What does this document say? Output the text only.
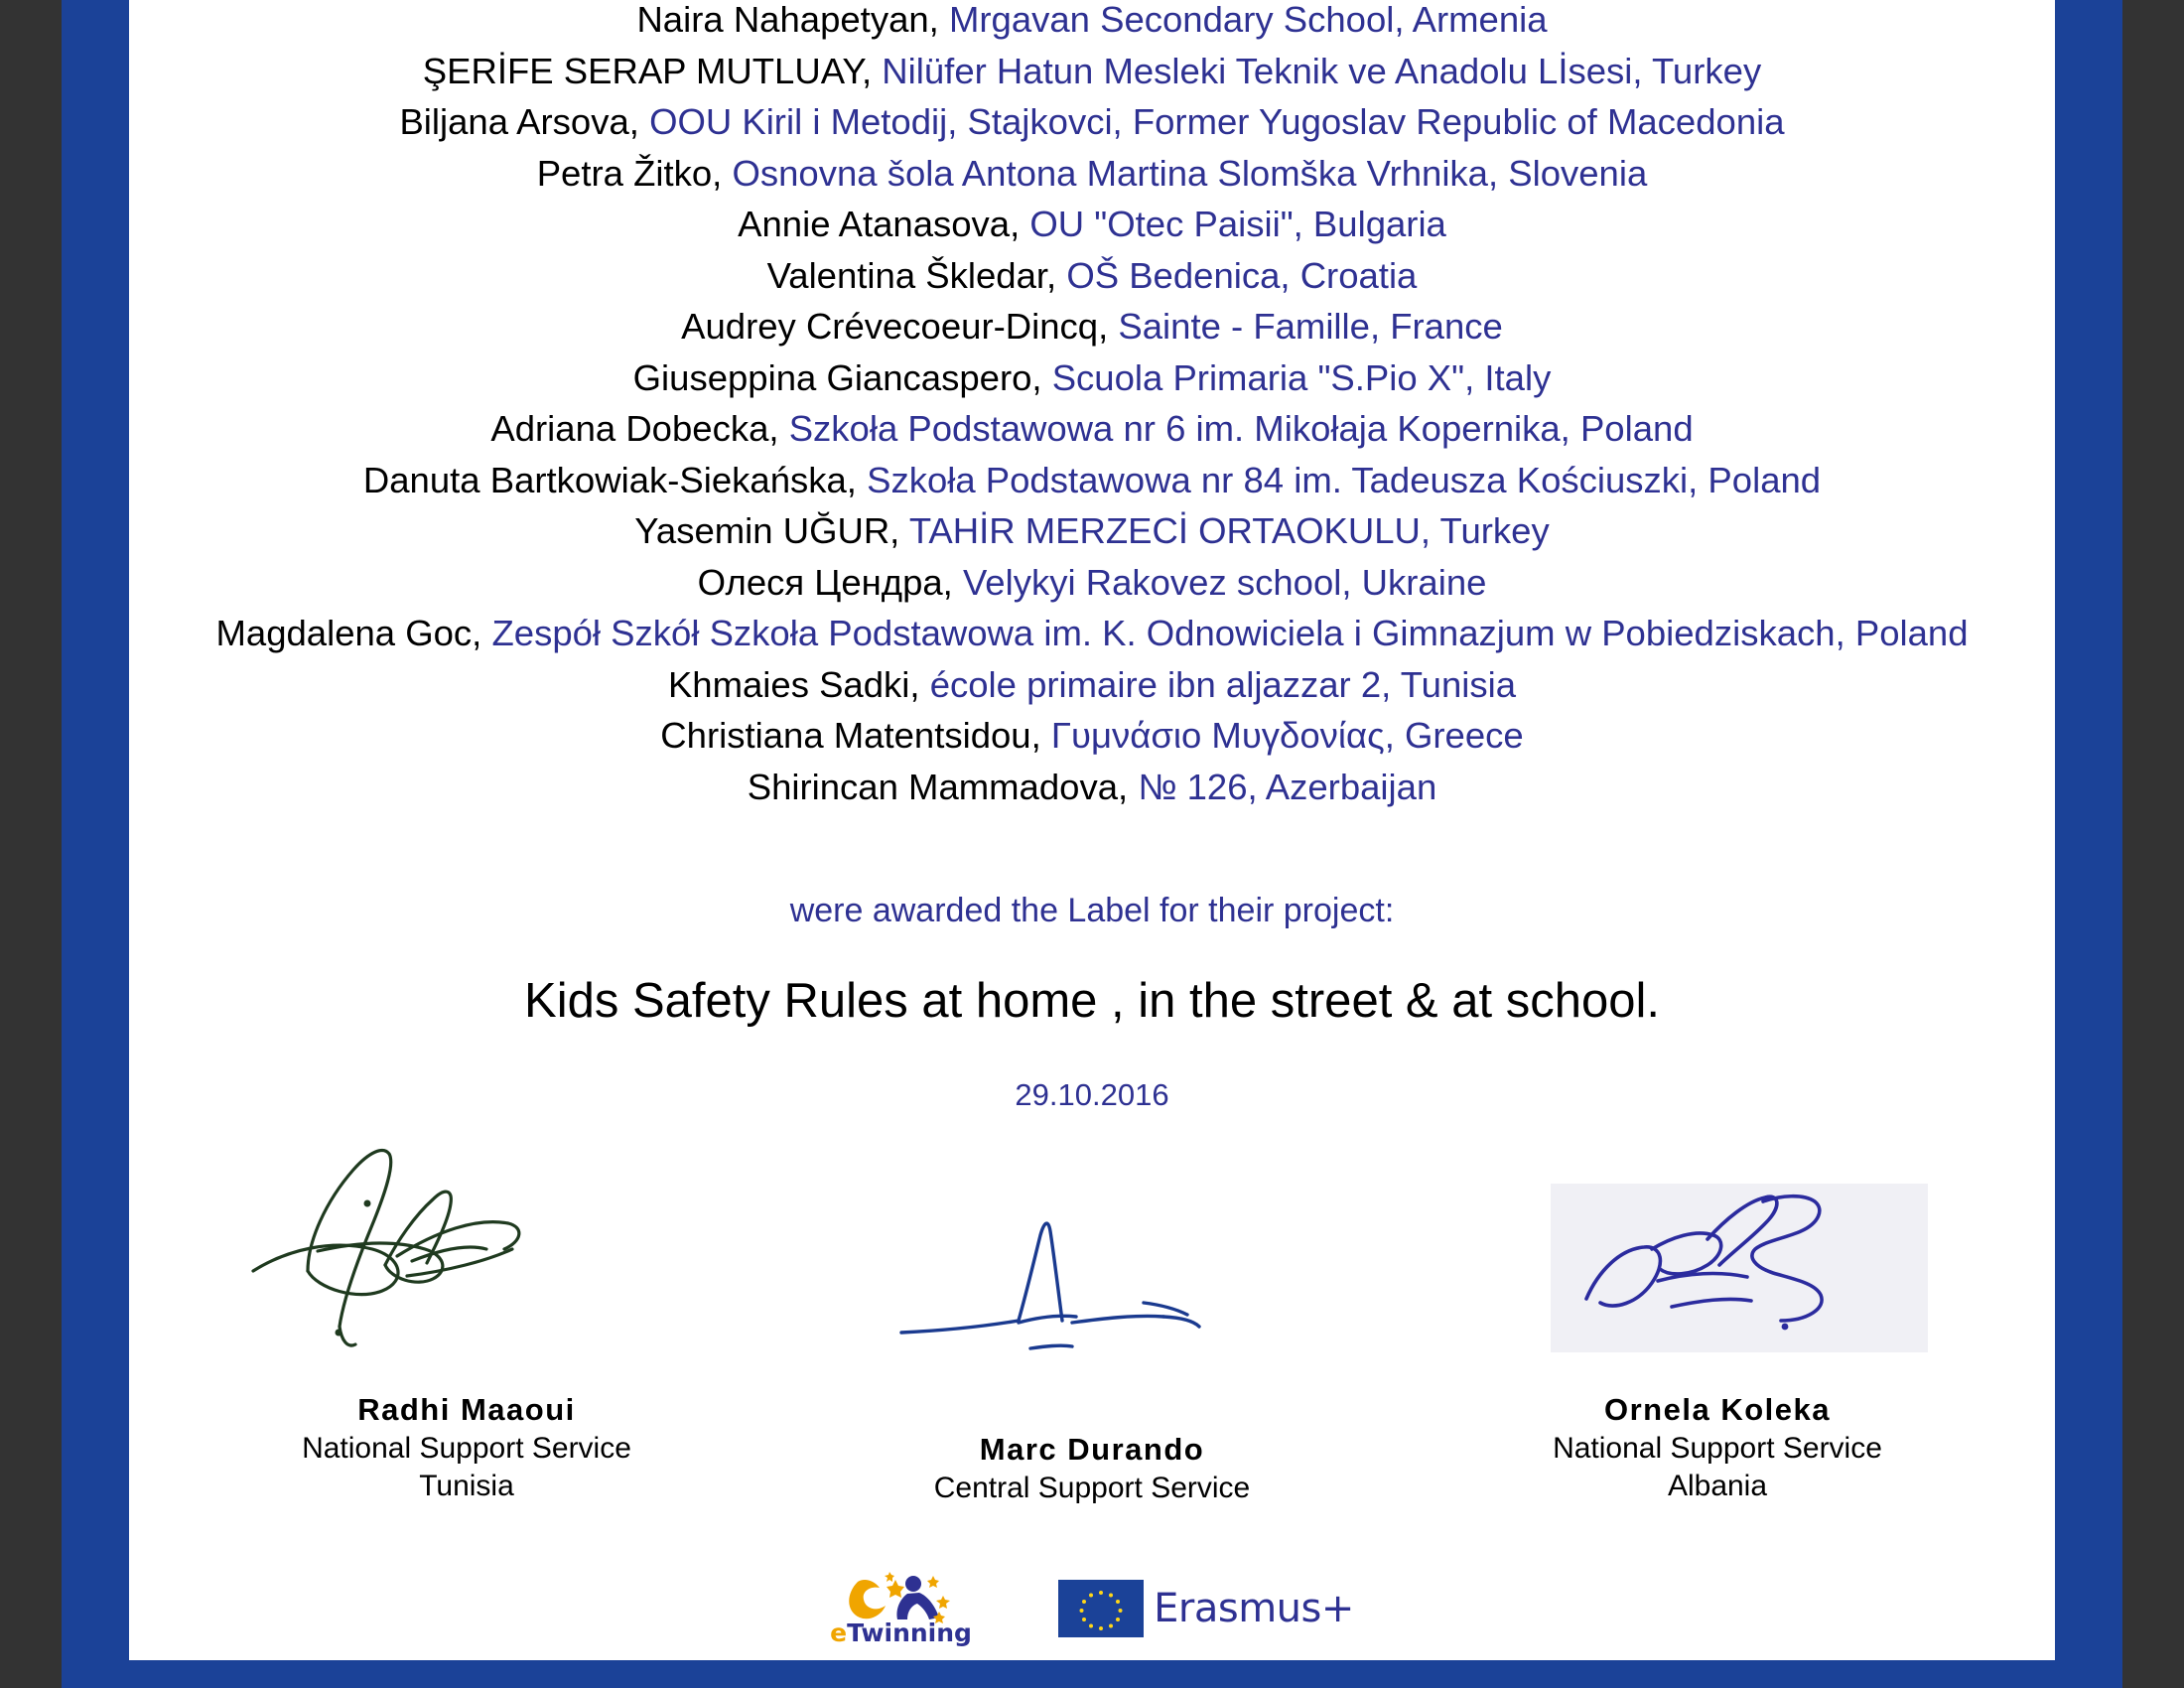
Naira Nahapetyan, Mrgavan Secondary School, Armenia
ŞERİFE SERAP MUTLUAY, Nilüfer Hatun Mesleki Teknik ve Anadolu Lİsesi, Turkey
Biljana Arsova, OOU Kiril i Metodij, Stajkovci, Former Yugoslav Republic of Macedonia
Petra Žitko, Osnovna šola Antona Martina Slomška Vrhnika, Slovenia
Annie Atanasova, OU "Otec Paisii", Bulgaria
Valentina Škledar, OŠ Bedenica, Croatia
Audrey Crévecoeur-Dincq, Sainte - Famille, France
Giuseppina Giancaspero, Scuola Primaria "S.Pio X", Italy
Adriana Dobecka, Szkoła Podstawowa nr 6 im. Mikołaja Kopernika, Poland
Danuta Bartkowiak-Siekańska, Szkoła Podstawowa nr 84 im. Tadeusza Kościuszki, Poland
Yasemin UĞUR, TAHİR MERZECİ ORTAOKULU, Turkey
Олеся Цендра, Velykyi Rakovez school, Ukraine
Magdalena Goc, Zespół Szkół Szkoła Podstawowa im. K. Odnowiciela i Gimnazjum w Pobiedziskach, Poland
Khmaies Sadki, école primaire ibn aljazzar 2, Tunisia
Christiana Matentsidou, Γυμνάσιο Μυγδονίας, Greece
Shirincan Mammadova, № 126, Azerbaijan
were awarded the Label for their project:
Kids Safety Rules at home , in the street & at school.
29.10.2016
Radhi Maaoui
National Support Service
Tunisia
Marc Durando
Central Support Service
Ornela Koleka
National Support Service
Albania
eTwinning
Erasmus+
